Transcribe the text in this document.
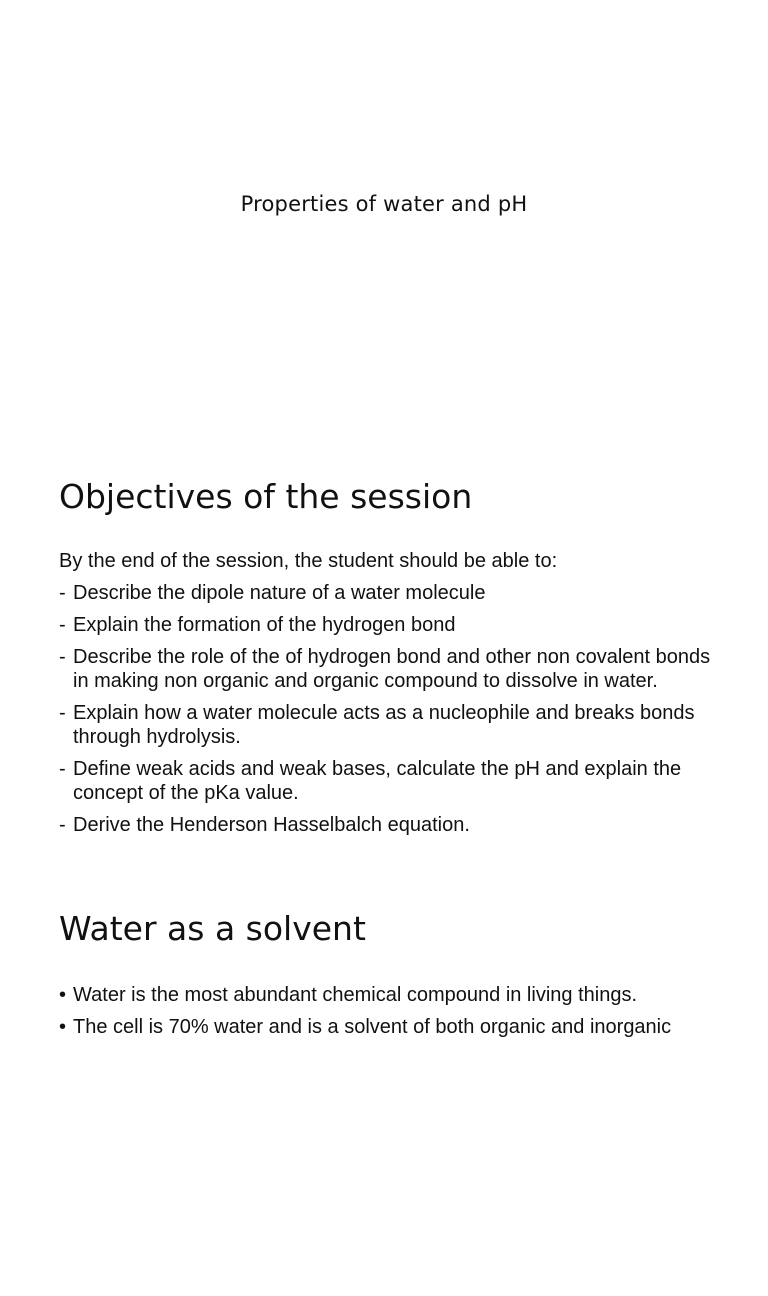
Properties of water and pH
Objectives of the session

By the end of the session, the student should be able to:

- Describe the dipole nature of a water molecule
- Explain the formation of the hydrogen bond
- Describe the role of the of hydrogen bond and other non covalent bonds in making non organic and organic compound to dissolve in water.
- Explain how a water molecule acts as a nucleophile and breaks bonds through hydrolysis.
- Define weak acids and weak bases, calculate the pH and explain the concept of the pKa value.
- Derive the Henderson Hasselbalch equation.
Water as a solvent
• Water is the most abundant chemical compound in living things.
• The cell is 70% water and is a solvent of both organic and inorganic
